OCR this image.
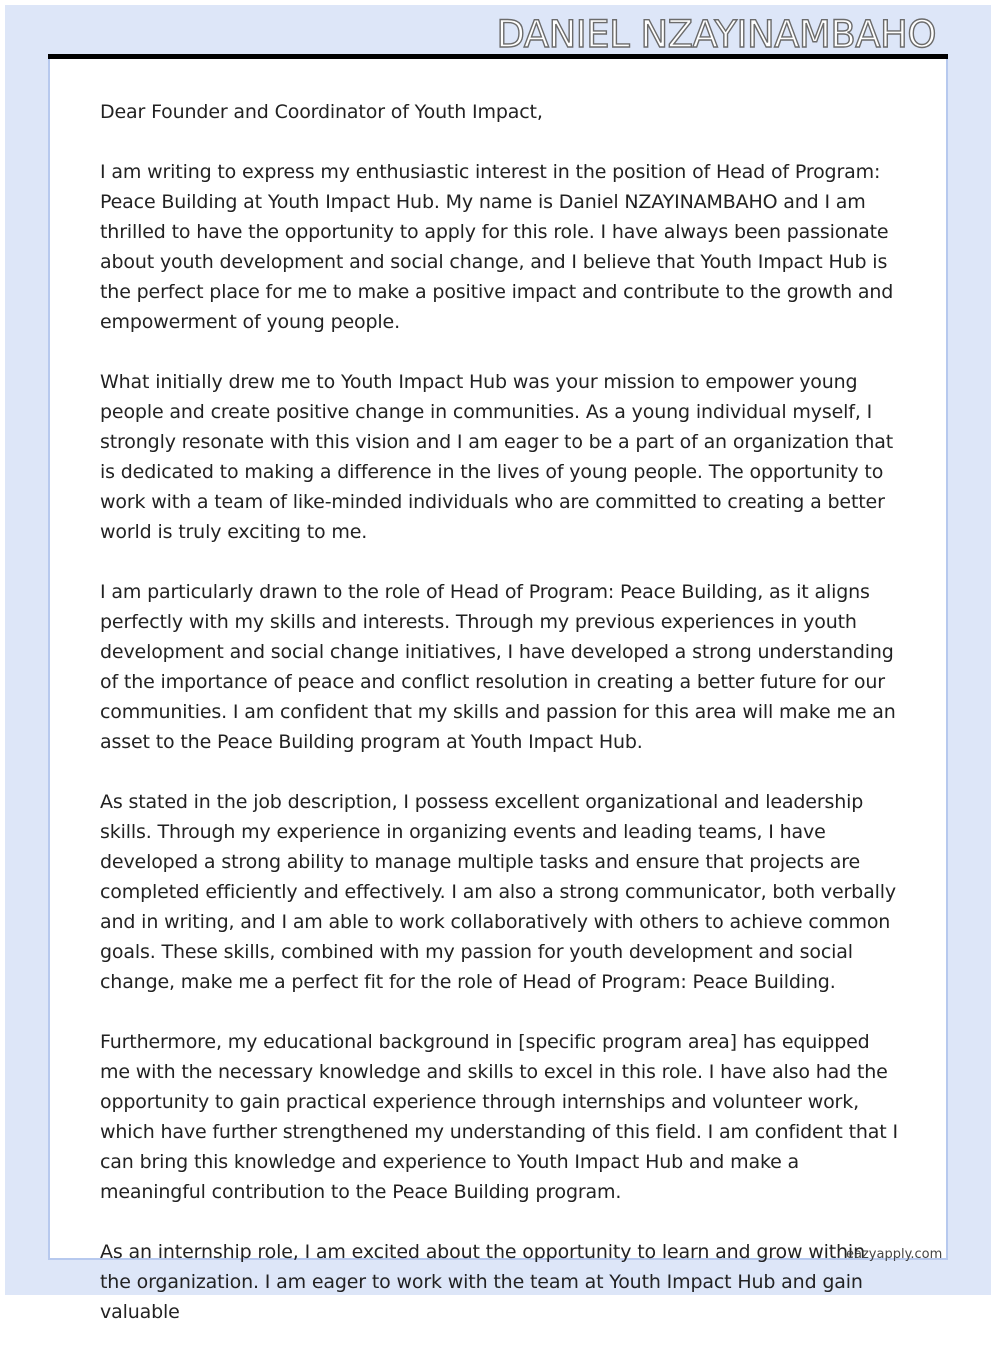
DANIEL NZAYINAMBAHO

Dear Founder and Coordinator of Youth Impact,

I am writing to express my enthusiastic interest in the position of Head of Program: Peace Building at Youth Impact Hub. My name is Daniel NZAYINAMBAHO and I am thrilled to have the opportunity to apply for this role. I have always been passionate about youth development and social change, and I believe that Youth Impact Hub is the perfect place for me to make a positive impact and contribute to the growth and empowerment of young people.

What initially drew me to Youth Impact Hub was your mission to empower young people and create positive change in communities. As a young individual myself, I strongly resonate with this vision and I am eager to be a part of an organization that is dedicated to making a difference in the lives of young people. The opportunity to work with a team of like-minded individuals who are committed to creating a better world is truly exciting to me.

I am particularly drawn to the role of Head of Program: Peace Building, as it aligns perfectly with my skills and interests. Through my previous experiences in youth development and social change initiatives, I have developed a strong understanding of the importance of peace and conflict resolution in creating a better future for our communities. I am confident that my skills and passion for this area will make me an asset to the Peace Building program at Youth Impact Hub.

As stated in the job description, I possess excellent organizational and leadership skills. Through my experience in organizing events and leading teams, I have developed a strong ability to manage multiple tasks and ensure that projects are completed efficiently and effectively. I am also a strong communicator, both verbally and in writing, and I am able to work collaboratively with others to achieve common goals. These skills, combined with my passion for youth development and social change, make me a perfect fit for the role of Head of Program: Peace Building.

Furthermore, my educational background in [specific program area] has equipped me with the necessary knowledge and skills to excel in this role. I have also had the opportunity to gain practical experience through internships and volunteer work, which have further strengthened my understanding of this field. I am confident that I can bring this knowledge and experience to Youth Impact Hub and make a meaningful contribution to the Peace Building program.

As an internship role, I am excited about the opportunity to learn and grow within the organization. I am eager to work with the team at Youth Impact Hub and gain valuable

eazyapply.com
